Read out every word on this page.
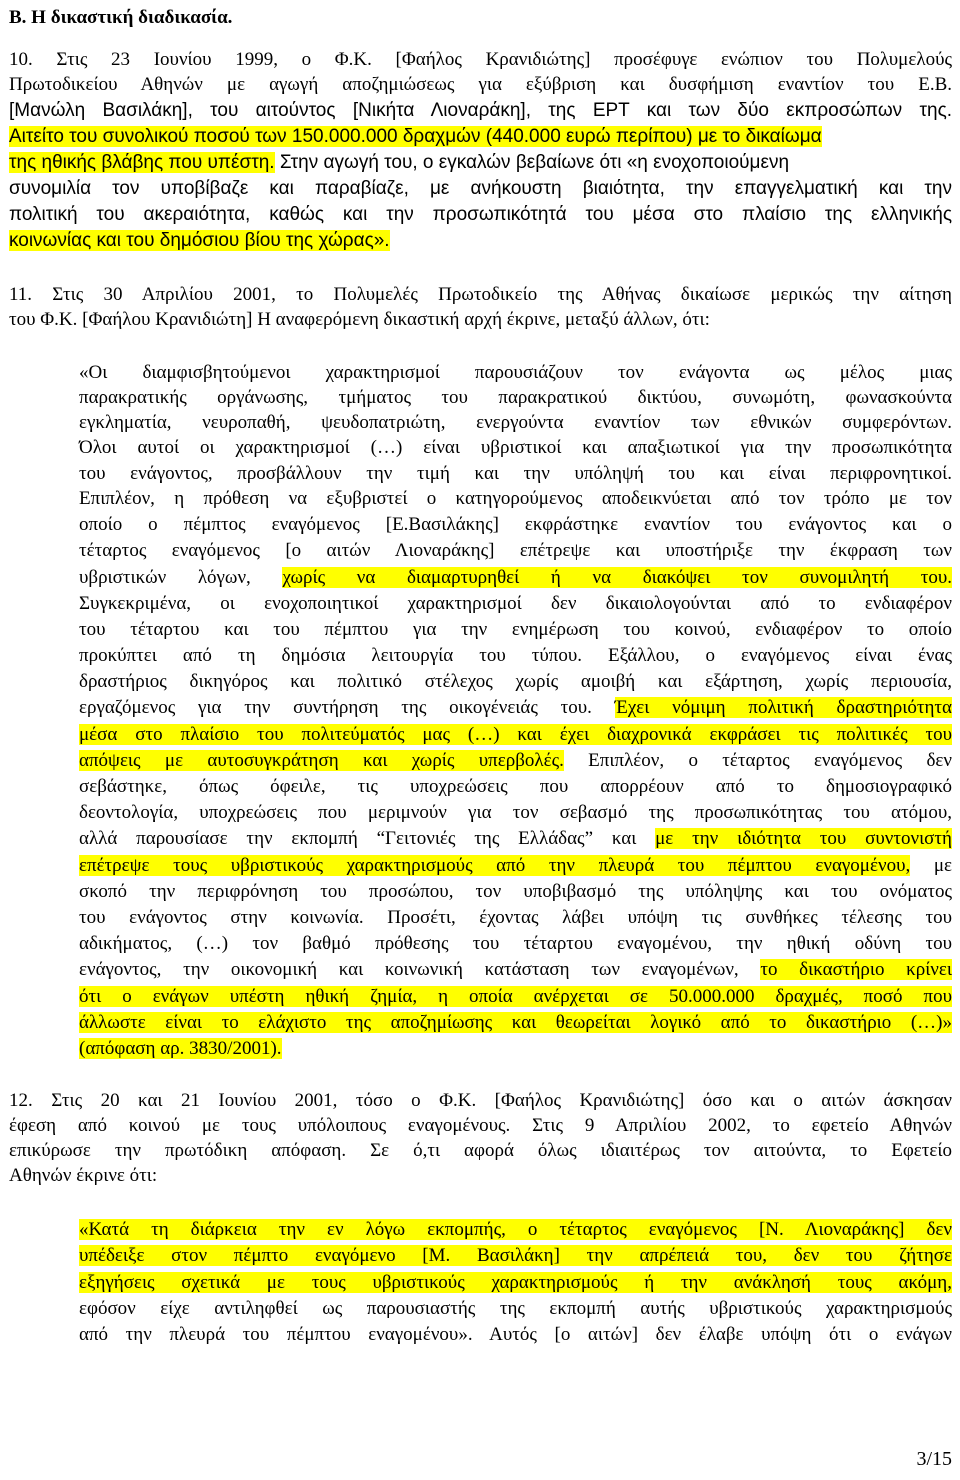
Β. Η δικαστική διαδικασία.
10. Στις 23 Ιουνίου 1999, ο Φ.Κ. [Φαήλος Κρανιδιώτης] προσέφυγε ενώπιον του Πολυμελούς
Πρωτοδικείου Αθηνών με αγωγή αποζημιώσεως για εξύβριση και δυσφήμιση εναντίον του Ε.Β.
[Μανώλη Βασιλάκη], του αιτούντος [Νικήτα Λιοναράκη], της ΕΡΤ και των δύο εκπροσώπων της.
Αιτείτο του συνολικού ποσού των 150.000.000 δραχμών (440.000 ευρώ περίπου) με το δικαίωμα
της ηθικής βλάβης που υπέστη. Στην αγωγή του, ο εγκαλών βεβαίωνε ότι «η ενοχοποιούμενη
συνομιλία τον υποβίβαζε και παραβίαζε, με ανήκουστη βιαιότητα, την επαγγελματική και την
πολιτική του ακεραιότητα, καθώς και την προσωπικότητά του μέσα στο πλαίσιο της ελληνικής
κοινωνίας και του δημόσιου βίου της χώρας».
11. Στις 30 Απριλίου 2001, το Πολυμελές Πρωτοδικείο της Αθήνας δικαίωσε μερικώς την αίτηση
του Φ.Κ. [Φαήλου Κρανιδιώτη] Η αναφερόμενη δικαστική αρχή έκρινε, μεταξύ άλλων, ότι:
«Οι διαμφισβητούμενοι χαρακτηρισμοί παρουσιάζουν τον ενάγοντα ως μέλος μιας
παρακρατικής οργάνωσης, τμήματος του παρακρατικού δικτύου, συνωμότη, φωνασκούντα
εγκληματία, νευροπαθή, ψευδοπατριώτη, ενεργούντα εναντίον των εθνικών συμφερόντων.
Όλοι αυτοί οι χαρακτηρισμοί (…) είναι υβριστικοί και απαξιωτικοί για την προσωπικότητα
του ενάγοντος, προσβάλλουν την τιμή και την υπόληψή του και είναι περιφρονητικοί.
Επιπλέον, η πρόθεση να εξυβριστεί ο κατηγορούμενος αποδεικνύεται από τον τρόπο με τον
οποίο ο πέμπτος εναγόμενος [Ε.Βασιλάκης] εκφράστηκε εναντίον του ενάγοντος και ο
τέταρτος εναγόμενος [ο αιτών Λιοναράκης] επέτρεψε και υποστήριξε την έκφραση των
υβριστικών λόγων, χωρίς να διαμαρτυρηθεί ή να διακόψει τον συνομιλητή του.
Συγκεκριμένα, οι ενοχοποιητικοί χαρακτηρισμοί δεν δικαιολογούνται από το ενδιαφέρον
του τέταρτου και του πέμπτου για την ενημέρωση του κοινού, ενδιαφέρον το οποίο
προκύπτει από τη δημόσια λειτουργία του τύπου. Εξάλλου, ο εναγόμενος είναι ένας
δραστήριος δικηγόρος και πολιτικό στέλεχος χωρίς αμοιβή και εξάρτηση, χωρίς περιουσία,
εργαζόμενος για την συντήρηση της οικογένειάς του. Έχει νόμιμη πολιτική δραστηριότητα
μέσα στο πλαίσιο του πολιτεύματός μας (…) και έχει διαχρονικά εκφράσει τις πολιτικές του
απόψεις με αυτοσυγκράτηση και χωρίς υπερβολές. Επιπλέον, ο τέταρτος εναγόμενος δεν
σεβάστηκε, όπως όφειλε, τις υποχρεώσεις που απορρέουν από το δημοσιογραφικό
δεοντολογία, υποχρεώσεις που μεριμνούν για τον σεβασμό της προσωπικότητας του ατόμου,
αλλά παρουσίασε την εκπομπή “Γειτονιές της Ελλάδας” και με την ιδιότητα του συντονιστή
επέτρεψε τους υβριστικούς χαρακτηρισμούς από την πλευρά του πέμπτου εναγομένου, με
σκοπό την περιφρόνηση του προσώπου, τον υποβιβασμό της υπόληψης και του ονόματος
του ενάγοντος στην κοινωνία. Προσέτι, έχοντας λάβει υπόψη τις συνθήκες τέλεσης του
αδικήματος, (…) τον βαθμό πρόθεσης του τέταρτου εναγομένου, την ηθική οδύνη του
ενάγοντος, την οικονομική και κοινωνική κατάσταση των εναγομένων, το δικαστήριο κρίνει
ότι ο ενάγων υπέστη ηθική ζημία, η οποία ανέρχεται σε 50.000.000 δραχμές, ποσό που
άλλωστε είναι το ελάχιστο της αποζημίωσης και θεωρείται λογικό από το δικαστήριο (…)»
(απόφαση αρ. 3830/2001).
12. Στις 20 και 21 Ιουνίου 2001, τόσο ο Φ.Κ. [Φαήλος Κρανιδιώτης] όσο και ο αιτών άσκησαν
έφεση από κοινού με τους υπόλοιπους εναγομένους. Στις 9 Απριλίου 2002, το εφετείο Αθηνών
επικύρωσε την πρωτόδικη απόφαση. Σε ό,τι αφορά όλως ιδιαιτέρως τον αιτούντα, το Εφετείο
Αθηνών έκρινε ότι:
«Κατά τη διάρκεια την εν λόγω εκπομπής, ο τέταρτος εναγόμενος [Ν. Λιοναράκης] δεν
υπέδειξε στον πέμπτο εναγόμενο [Μ. Βασιλάκη] την απρέπειά του, δεν του ζήτησε
εξηγήσεις σχετικά με τους υβριστικούς χαρακτηρισμούς ή την ανάκλησή τους ακόμη,
εφόσον είχε αντιληφθεί ως παρουσιαστής της εκπομπή αυτής υβριστικούς χαρακτηρισμούς
από την πλευρά του πέμπτου εναγομένου». Αυτός [ο αιτών] δεν έλαβε υπόψη ότι ο ενάγων
3/15
